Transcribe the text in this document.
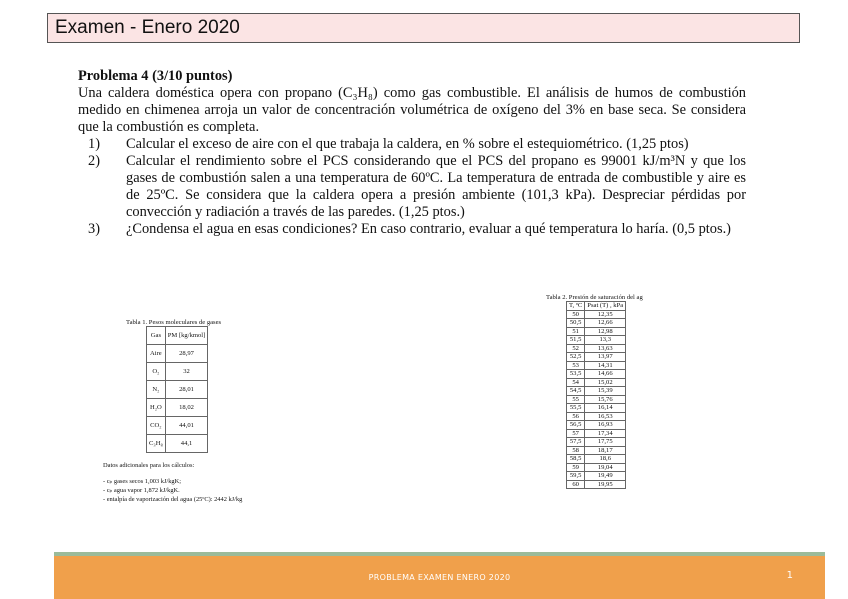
Examen - Enero 2020
Problema 4 (3/10 puntos)

Una caldera doméstica opera con propano (C₃H₈) como gas combustible. El análisis de humos de combustión medido en chimenea arroja un valor de concentración volumétrica de oxígeno del 3% en base seca. Se considera que la combustión es completa.

1) Calcular el exceso de aire con el que trabaja la caldera, en % sobre el estequiométrico. (1,25 ptos)
2) Calcular el rendimiento sobre el PCS considerando que el PCS del propano es 99001 kJ/m³N y que los gases de combustión salen a una temperatura de 60ºC. La temperatura de entrada de combustible y aire es de 25ºC. Se considera que la caldera opera a presión ambiente (101,3 kPa). Despreciar pérdidas por convección y radiación a través de las paredes. (1,25 ptos.)
3) ¿Condensa el agua en esas condiciones? En caso contrario, evaluar a qué temperatura lo haría. (0,5 ptos.)
Tabla 1. Pesos moleculares de gases
Gas	PM [kg/kmol]
Aire	28,97
O₂	32
N₂	28,01
H₂O	18,02
CO₂	44,01
C₃H₈	44,1

Datos adicionales para los cálculos:

- cₚ gases secos 1,003 kJ/kgK;

- cₚ agua vapor 1,872 kJ/kgK.

- entalpía de vaporización del agua (25ºC): 2442 kJ/kg

Tabla 2. Presión de saturación del ag
T, ºC	Psat (T) , kPa
50	12,35
50,5	12,66
51	12,98
51,5	13,3
52	13,63
52,5	13,97
53	14,31
53,5	14,66
54	15,02
54,5	15,39
55	15,76
55,5	16,14
56	16,53
56,5	16,93
57	17,34
57,5	17,75
58	18,17
58,5	18,6
59	19,04
59,5	19,49
60	19,95
PROBLEMA EXAMEN ENERO 2020	1
